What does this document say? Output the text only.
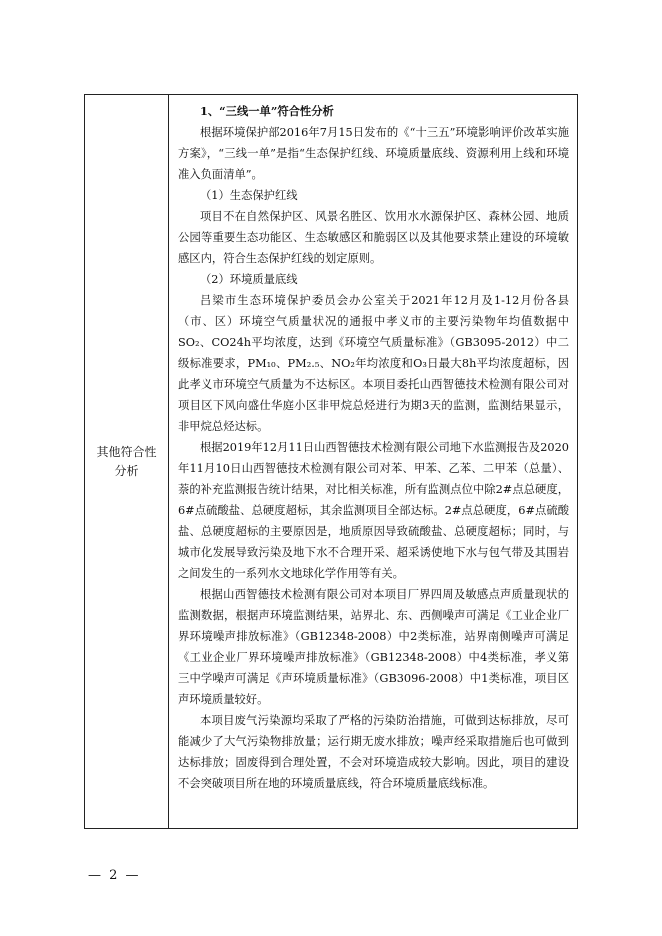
其他符合性分析

1、“三线一单”符合性分析

根据环境保护部2016年7月15日发布的《“十三五”环境影响评价改革实施方案》，“三线一单”是指“生态保护红线、环境质量底线、资源利用上线和环境准入负面清单”。

（1）生态保护红线

项目不在自然保护区、风景名胜区、饮用水水源保护区、森林公园、地质公园等重要生态功能区、生态敏感区和脆弱区以及其他要求禁止建设的环境敏感区内，符合生态保护红线的划定原则。

（2）环境质量底线

吕梁市生态环境保护委员会办公室关于2021年12月及1-12月份各县（市、区）环境空气质量状况的通报中孝义市的主要污染物年均值数据中SO₂、CO24h平均浓度，达到《环境空气质量标准》（GB3095-2012）中二级标准要求，PM₁₀、PM₂.₅、NO₂年均浓度和O₃日最大8h平均浓度超标，因此孝义市环境空气质量为不达标区。本项目委托山西智德技术检测有限公司对项目区下风向盛仕华庭小区非甲烷总烃进行为期3天的监测，监测结果显示，非甲烷总烃达标。

根据2019年12月11日山西智德技术检测有限公司地下水监测报告及2020年11月10日山西智德技术检测有限公司对苯、甲苯、乙苯、二甲苯（总量）、萘的补充监测报告统计结果，对比相关标准，所有监测点位中除2#点总硬度，6#点硫酸盐、总硬度超标，其余监测项目全部达标。2#点总硬度，6#点硫酸盐、总硬度超标的主要原因是，地质原因导致硫酸盐、总硬度超标；同时，与城市化发展导致污染及地下水不合理开采、超采诱使地下水与包气带及其围岩之间发生的一系列水文地球化学作用等有关。

根据山西智德技术检测有限公司对本项目厂界四周及敏感点声质量现状的监测数据，根据声环境监测结果，站界北、东、西侧噪声可满足《工业企业厂界环境噪声排放标准》（GB12348-2008）中2类标准，站界南侧噪声可满足《工业企业厂界环境噪声排放标准》（GB12348-2008）中4类标准，孝义第三中学噪声可满足《声环境质量标准》（GB3096-2008）中1类标准，项目区声环境质量较好。

本项目废气污染源均采取了严格的污染防治措施，可做到达标排放，尽可能减少了大气污染物排放量；运行期无废水排放；噪声经采取措施后也可做到达标排放；固废得到合理处置，不会对环境造成较大影响。因此，项目的建设不会突破项目所在地的环境质量底线，符合环境质量底线标准。

— 2 —
